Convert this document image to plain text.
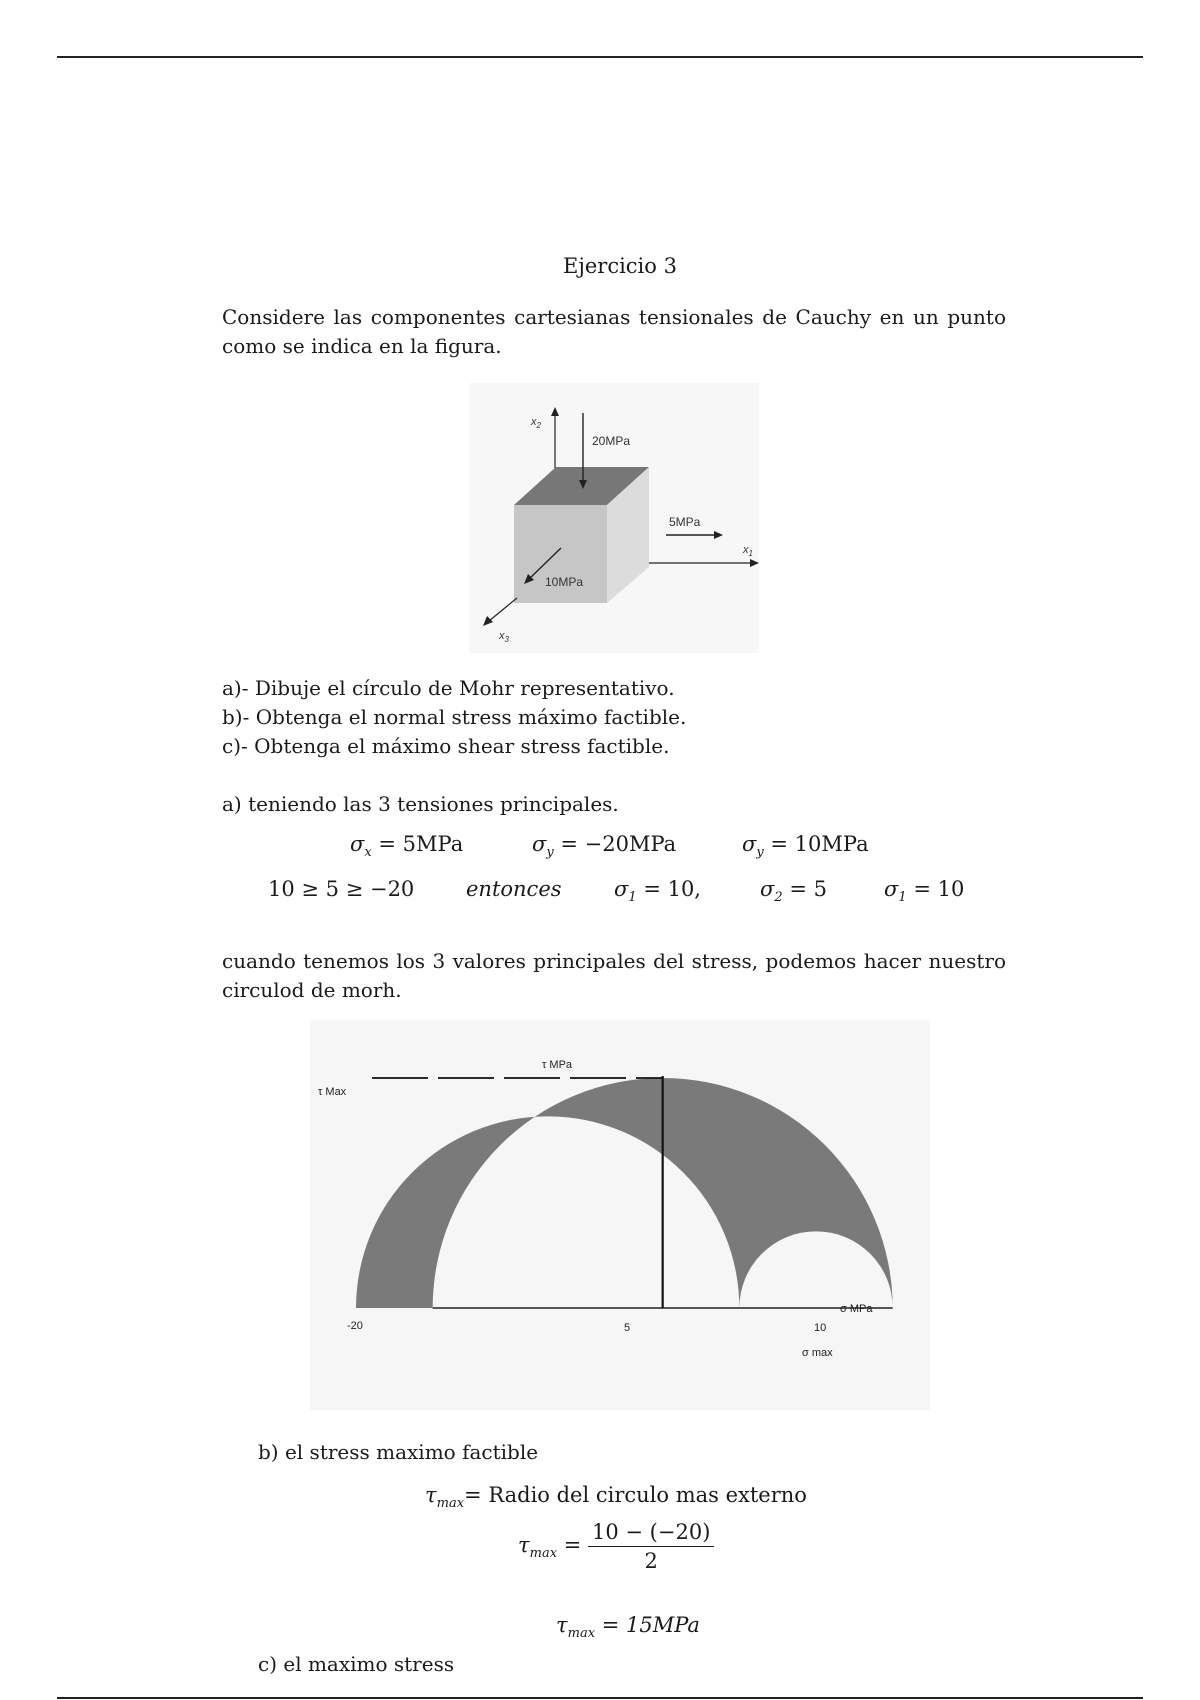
Ejercicio 3
Considere las componentes cartesianas tensionales de Cauchy en un punto como se indica en la figura.
$x_2$
20MPa
$x_1$
5MPa
10MPa
$x_3$
a)- Dibuje el círculo de Mohr representativo.
b)- Obtenga el normal stress máximo factible.
c)- Obtenga el máximo shear stress factible.
a) teniendo las 3 tensiones principales.
$\sigma_x = 5MPa$	$\sigma_y = -20MPa$	$\sigma_y = 10MPa$
10 ≥ 5 ≥ −20 entonces $\sigma_1 = 10$,	$\sigma_2 = 5$	$\sigma_1 = 10$
cuando tenemos los 3 valores principales del stress, podemos hacer nuestro circulod de morh.
τ Max
τ MPa
σ MPa
σ max
-20	5	10
b) el stress maximo factible
$\tau_{max}=$ Radio del circulo mas externo
$\tau_{max} = \frac{10 - (-20)}{2}$
$\tau_{max} = 15MPa$
c) el maximo stress
